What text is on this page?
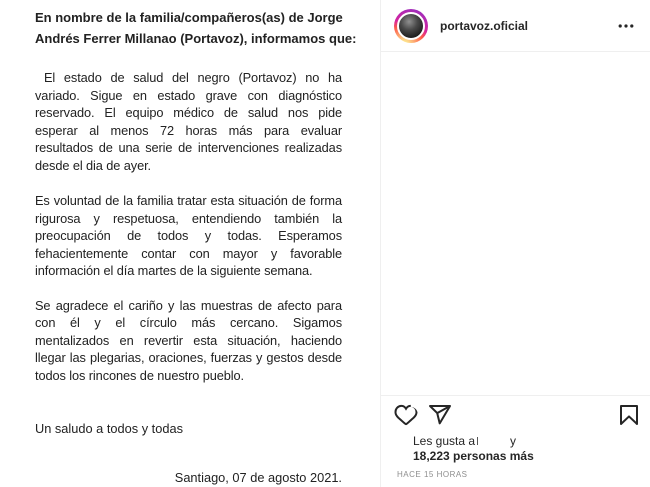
En nombre de la familia/compañeros(as) de Jorge
Andrés Ferrer Millanao (Portavoz), informamos que:
El estado de salud del negro (Portavoz) no ha
variado. Sigue en estado grave con diagnóstico
reservado. El equipo médico de salud nos pide
esperar al menos 72 horas más para evaluar
resultados de una serie de intervenciones realizadas
desde el dia de ayer.
Es voluntad de la familia tratar esta situación de forma
rigurosa y respetuosa, entendiendo también la
preocupación de todos y todas. Esperamos
fehacientemente contar con mayor y favorable
información el día martes de la siguiente semana.
Se agradece el cariño y las muestras de afecto para
con él y el círculo más cercano. Sigamos
mentalizados en revertir esta situación, haciendo
llegar las plegarias, oraciones, fuerzas y gestos desde
todos los rincones de nuestro pueblo.
Un saludo a todos y todas
Santiago, 07 de agosto 2021.
portavoz.oficial
Les gusta a	y
18,223 personas más
HACE 15 HORAS
